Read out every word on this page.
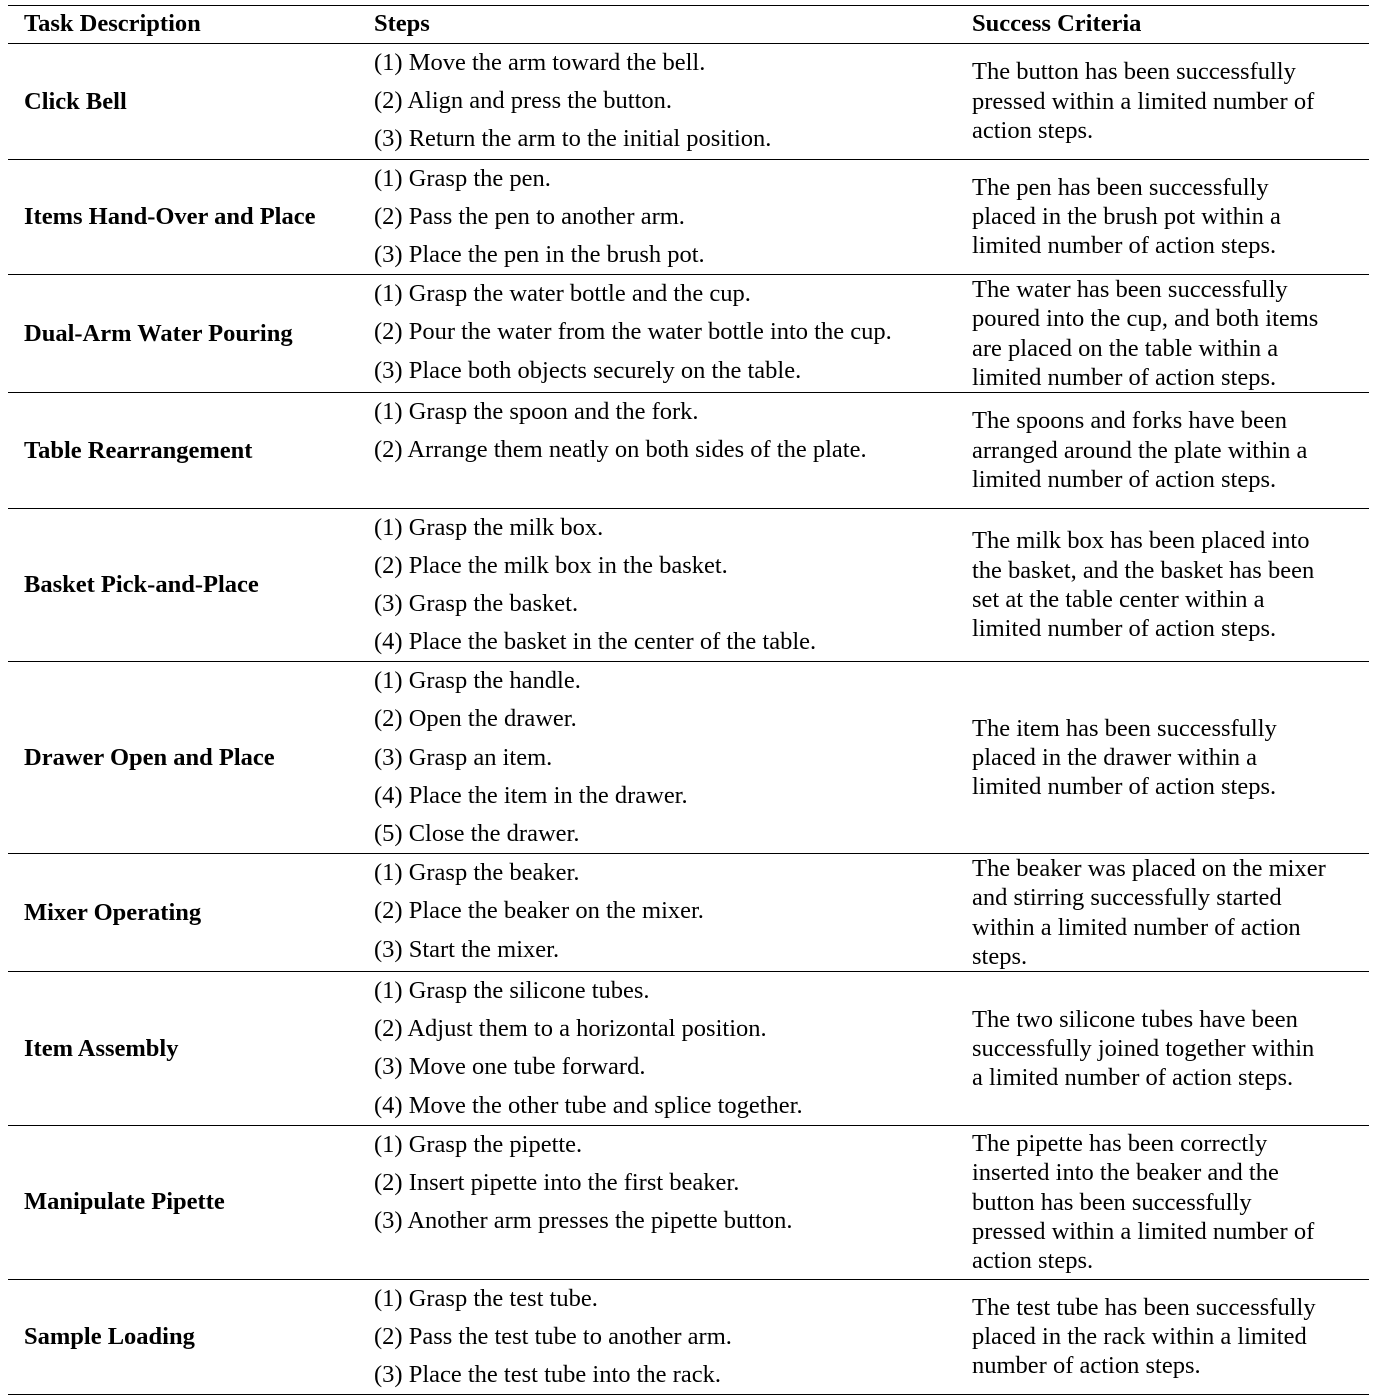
Task Description	Steps	Success Criteria
Click Bell	(1) Move the arm toward the bell.
(2) Align and press the button.
(3) Return the arm to the initial position.	The button has been successfully
pressed within a limited number of
action steps.

Items Hand-Over and Place	(1) Grasp the pen.
(2) Pass the pen to another arm.
(3) Place the pen in the brush pot.	The pen has been successfully
placed in the brush pot within a
limited number of action steps.

Dual-Arm Water Pouring	(1) Grasp the water bottle and the cup.
(2) Pour the water from the water bottle into the cup.
(3) Place both objects securely on the table.	The water has been successfully
poured into the cup, and both items
are placed on the table within a
limited number of action steps.

Table Rearrangement	(1) Grasp the spoon and the fork.
(2) Arrange them neatly on both sides of the plate.	The spoons and forks have been
arranged around the plate within a
limited number of action steps.

Basket Pick-and-Place	(1) Grasp the milk box.
(2) Place the milk box in the basket.
(3) Grasp the basket.
(4) Place the basket in the center of the table.	The milk box has been placed into
the basket, and the basket has been
set at the table center within a
limited number of action steps.

Drawer Open and Place	(1) Grasp the handle.
(2) Open the drawer.
(3) Grasp an item.
(4) Place the item in the drawer.
(5) Close the drawer.	The item has been successfully
placed in the drawer within a
limited number of action steps.

Mixer Operating	(1) Grasp the beaker.
(2) Place the beaker on the mixer.
(3) Start the mixer.	The beaker was placed on the mixer
and stirring successfully started
within a limited number of action
steps.

Item Assembly	(1) Grasp the silicone tubes.
(2) Adjust them to a horizontal position.
(3) Move one tube forward.
(4) Move the other tube and splice together.	The two silicone tubes have been
successfully joined together within
a limited number of action steps.

Manipulate Pipette	(1) Grasp the pipette.
(2) Insert pipette into the first beaker.
(3) Another arm presses the pipette button.	The pipette has been correctly
inserted into the beaker and the
button has been successfully
pressed within a limited number of
action steps.

Sample Loading	(1) Grasp the test tube.
(2) Pass the test tube to another arm.
(3) Place the test tube into the rack.	The test tube has been successfully
placed in the rack within a limited
number of action steps.
